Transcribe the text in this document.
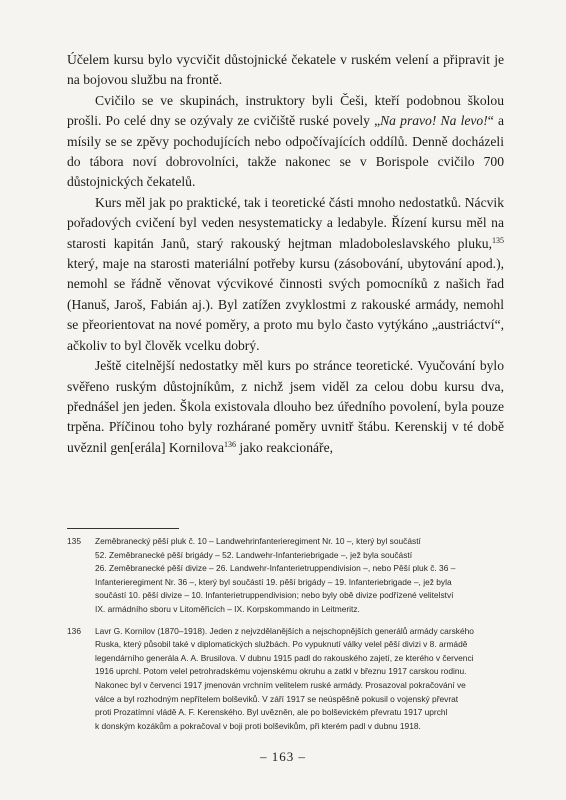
Účelem kursu bylo vycvičit důstojnické čekatele v ruském velení a připravit je na bojovou službu na frontě.

Cvičilo se ve skupinách, instruktory byli Češi, kteří podobnou školou prošli. Po celé dny se ozývaly ze cvičiště ruské povely „Na pravo! Na levo!“ a mísily se se zpěvy pochodujících nebo odpočívajících oddílů. Denně docházeli do tábora noví dobrovolníci, takže nakonec se v Borispole cvičilo 700 důstojnických čekatelů.

Kurs měl jak po praktické, tak i teoretické části mnoho nedostatků. Nácvik pořadových cvičení byl veden nesystematicky a ledabyle. Řízení kursu měl na starosti kapitán Janů, starý rakouský hejtman mladoboleslavského pluku,$^{135}$ který, maje na starosti materiální potřeby kursu (zásobování, ubytování apod.), nemohl se řádně věnovat výcvikové činnosti svých pomocníků z našich řad (Hanuš, Jaroš, Fabián aj.). Byl zatížen zvyklostmi z rakouské armády, nemohl se přeorientovat na nové poměry, a proto mu bylo často vytýkáno „austriáctví“, ačkoliv to byl člověk vcelku dobrý.

Ještě citelnější nedostatky měl kurs po stránce teoretické. Vyučování bylo svěřeno ruským důstojníkům, z nichž jsem viděl za celou dobu kursu dva, přednášel jen jeden. Škola existovala dlouho bez úředního povolení, byla pouze trpěna. Příčinou toho byly rozhárané poměry uvnitř štábu. Kerenskij v té době uvěznil gen[erála] Kornilova$^{136}$ jako reakcionáře,

135	Zeměbranecký pěší pluk č. 10 – Landwehrinfanterieregiment Nr. 10 –, který byl součástí
52. Zeměbranecké pěší brigády – 52. Landwehr-Infanteriebrigade –, jež byla součástí
26. Zeměbranecké pěší divize – 26. Landwehr-Infanterietruppendivision –, nebo Pěší pluk č. 36 –
Infanterieregiment Nr. 36 –, který byl součástí 19. pěší brigády – 19. Infanteriebrigade –, jež byla
součástí 10. pěší divize – 10. Infanterietruppendivision; nebo byly obě divize podřízené velitelství
IX. armádního sboru v Litoměřicích – IX. Korpskommando in Leitmeritz.
136	Lavr G. Kornilov (1870–1918). Jeden z nejvzdělanějších a nejschopnějších generálů armády carského
Ruska, který působil také v diplomatických službách. Po vypuknutí války velel pěší divizi v 8. armádě
legendárního generála A. A. Brusilova. V dubnu 1915 padl do rakouského zajetí, ze kterého v červenci
1916 uprchl. Potom velel petrohradskému vojenskému okruhu a zatkl v březnu 1917 carskou rodinu.
Nakonec byl v červenci 1917 jmenován vrchním velitelem ruské armády. Prosazoval pokračování ve
válce a byl rozhodným nepřítelem bolševiků. V září 1917 se neúspěšně pokusil o vojenský převrat
proti Prozatímní vládě A. F. Kerenského. Byl uvězněn, ale po bolševickém převratu 1917 uprchl
k donským kozákům a pokračoval v boji proti bolševikům, při kterém padl v dubnu 1918.
– 163 –
